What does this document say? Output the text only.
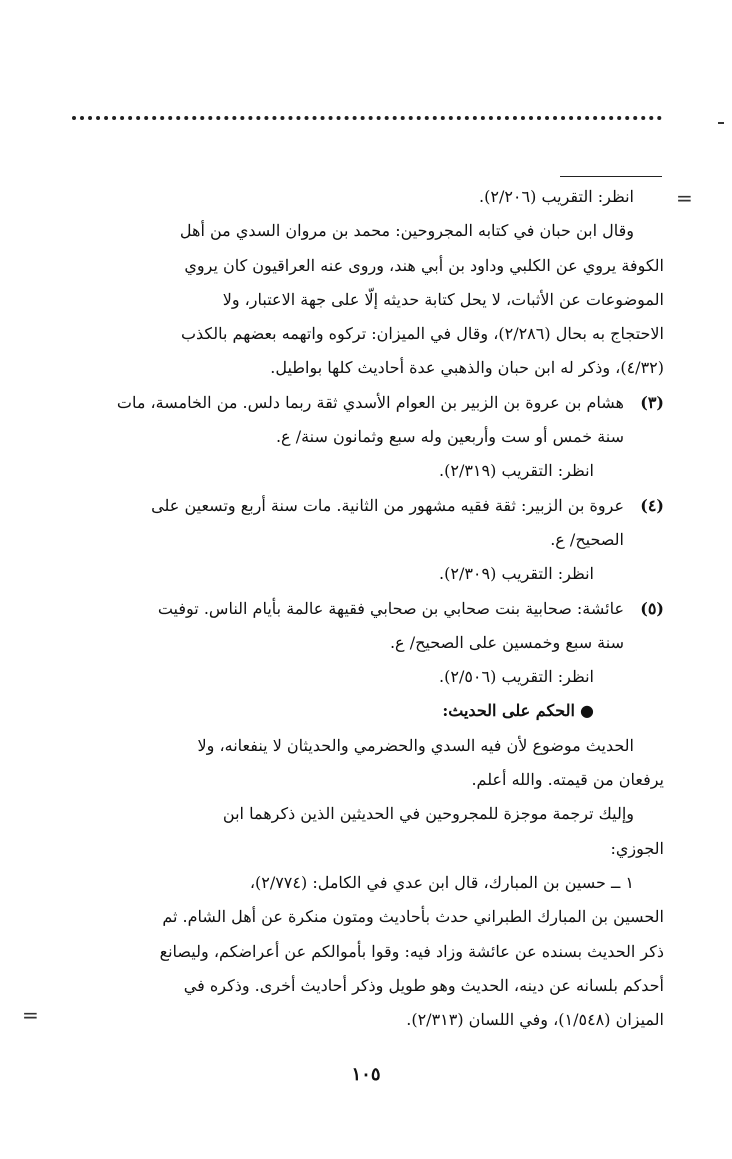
=
=
انظر: التقريب (٢/٢٠٦).
وقال ابن حبان في كتابه المجروحين: محمد بن مروان السدي من أهل
الكوفة يروي عن الكلبي وداود بن أبي هند، وروى عنه العراقيون كان يروي
الموضوعات عن الأثبات، لا يحل كتابة حديثه إلّا على جهة الاعتبار، ولا
الاحتجاج به بحال (٢/٢٨٦)، وقال في الميزان: تركوه واتهمه بعضهم بالكذب
(٤/٣٢)، وذكر له ابن حبان والذهبي عدة أحاديث كلها بواطيل.
(٣)
هشام بن عروة بن الزبير بن العوام الأسدي ثقة ربما دلس. من الخامسة، مات
سنة خمس أو ست وأربعين وله سبع وثمانون سنة/ ع.
انظر: التقريب (٢/٣١٩).
(٤)
عروة بن الزبير: ثقة فقيه مشهور من الثانية. مات سنة أربع وتسعين على
الصحيح/ ع.
انظر: التقريب (٢/٣٠٩).
(٥)
عائشة: صحابية بنت صحابي بن صحابي فقيهة عالمة بأيام الناس. توفيت
سنة سبع وخمسين على الصحيح/ ع.
انظر: التقريب (٢/٥٠٦).
● الحكم على الحديث:
الحديث موضوع لأن فيه السدي والحضرمي والحديثان لا ينفعانه، ولا
يرفعان من قيمته. والله أعلم.
وإليك ترجمة موجزة للمجروحين في الحديثين الذين ذكرهما ابن
الجوزي:
١ ــ حسين بن المبارك، قال ابن عدي في الكامل: (٢/٧٧٤)،
الحسين بن المبارك الطبراني حدث بأحاديث ومتون منكرة عن أهل الشام. ثم
ذكر الحديث بسنده عن عائشة وزاد فيه: وقوا بأموالكم عن أعراضكم، وليصانع
أحدكم بلسانه عن دينه، الحديث وهو طويل وذكر أحاديث أخرى. وذكره في
الميزان (١/٥٤٨)، وفي اللسان (٢/٣١٣).
١٠٥
